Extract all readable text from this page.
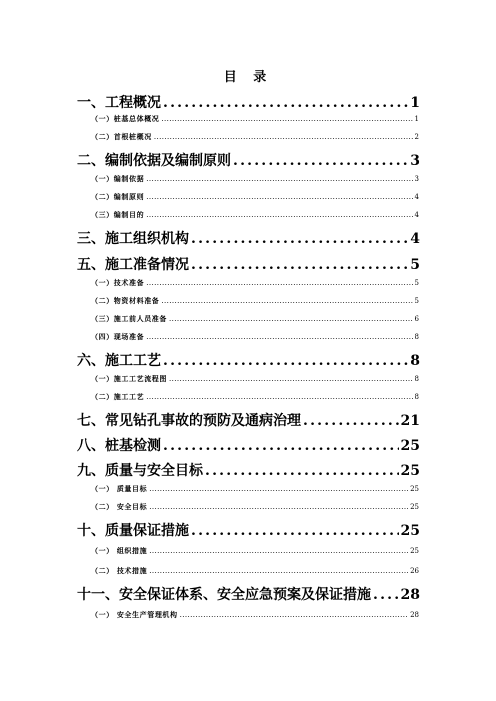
目 录
一、工程概况 .....	1
（一）桩基总体概况 .....	1
（二）首根桩概况 .....	2
二、编制依据及编制原则 .....	3
（一）编制依据 .....	3
（二）编制原则 .....	4
（三）编制目的 .....	4
三、施工组织机构 .....	4
五、施工准备情况 .....	5
（一）技术准备 .....	5
（二）物资材料准备 .....	5
（三）施工前人员准备 .....	6
（四）现场准备 .....	8
六、施工工艺 .....	8
（一）施工工艺流程图 .....	8
（二）施工工艺 .....	8
七、常见钻孔事故的预防及通病治理 .....	21
八、桩基检测 .....	25
九、质量与安全目标 .....	25
（一） 质量目标 .....	25
（二） 安全目标 .....	25
十、质量保证措施 .....	25
（一） 组织措施 .....	25
（二） 技术措施 .....	26
十一、安全保证体系、安全应急预案及保证措施 ..... 28
（一） 安全生产管理机构 .....	28
